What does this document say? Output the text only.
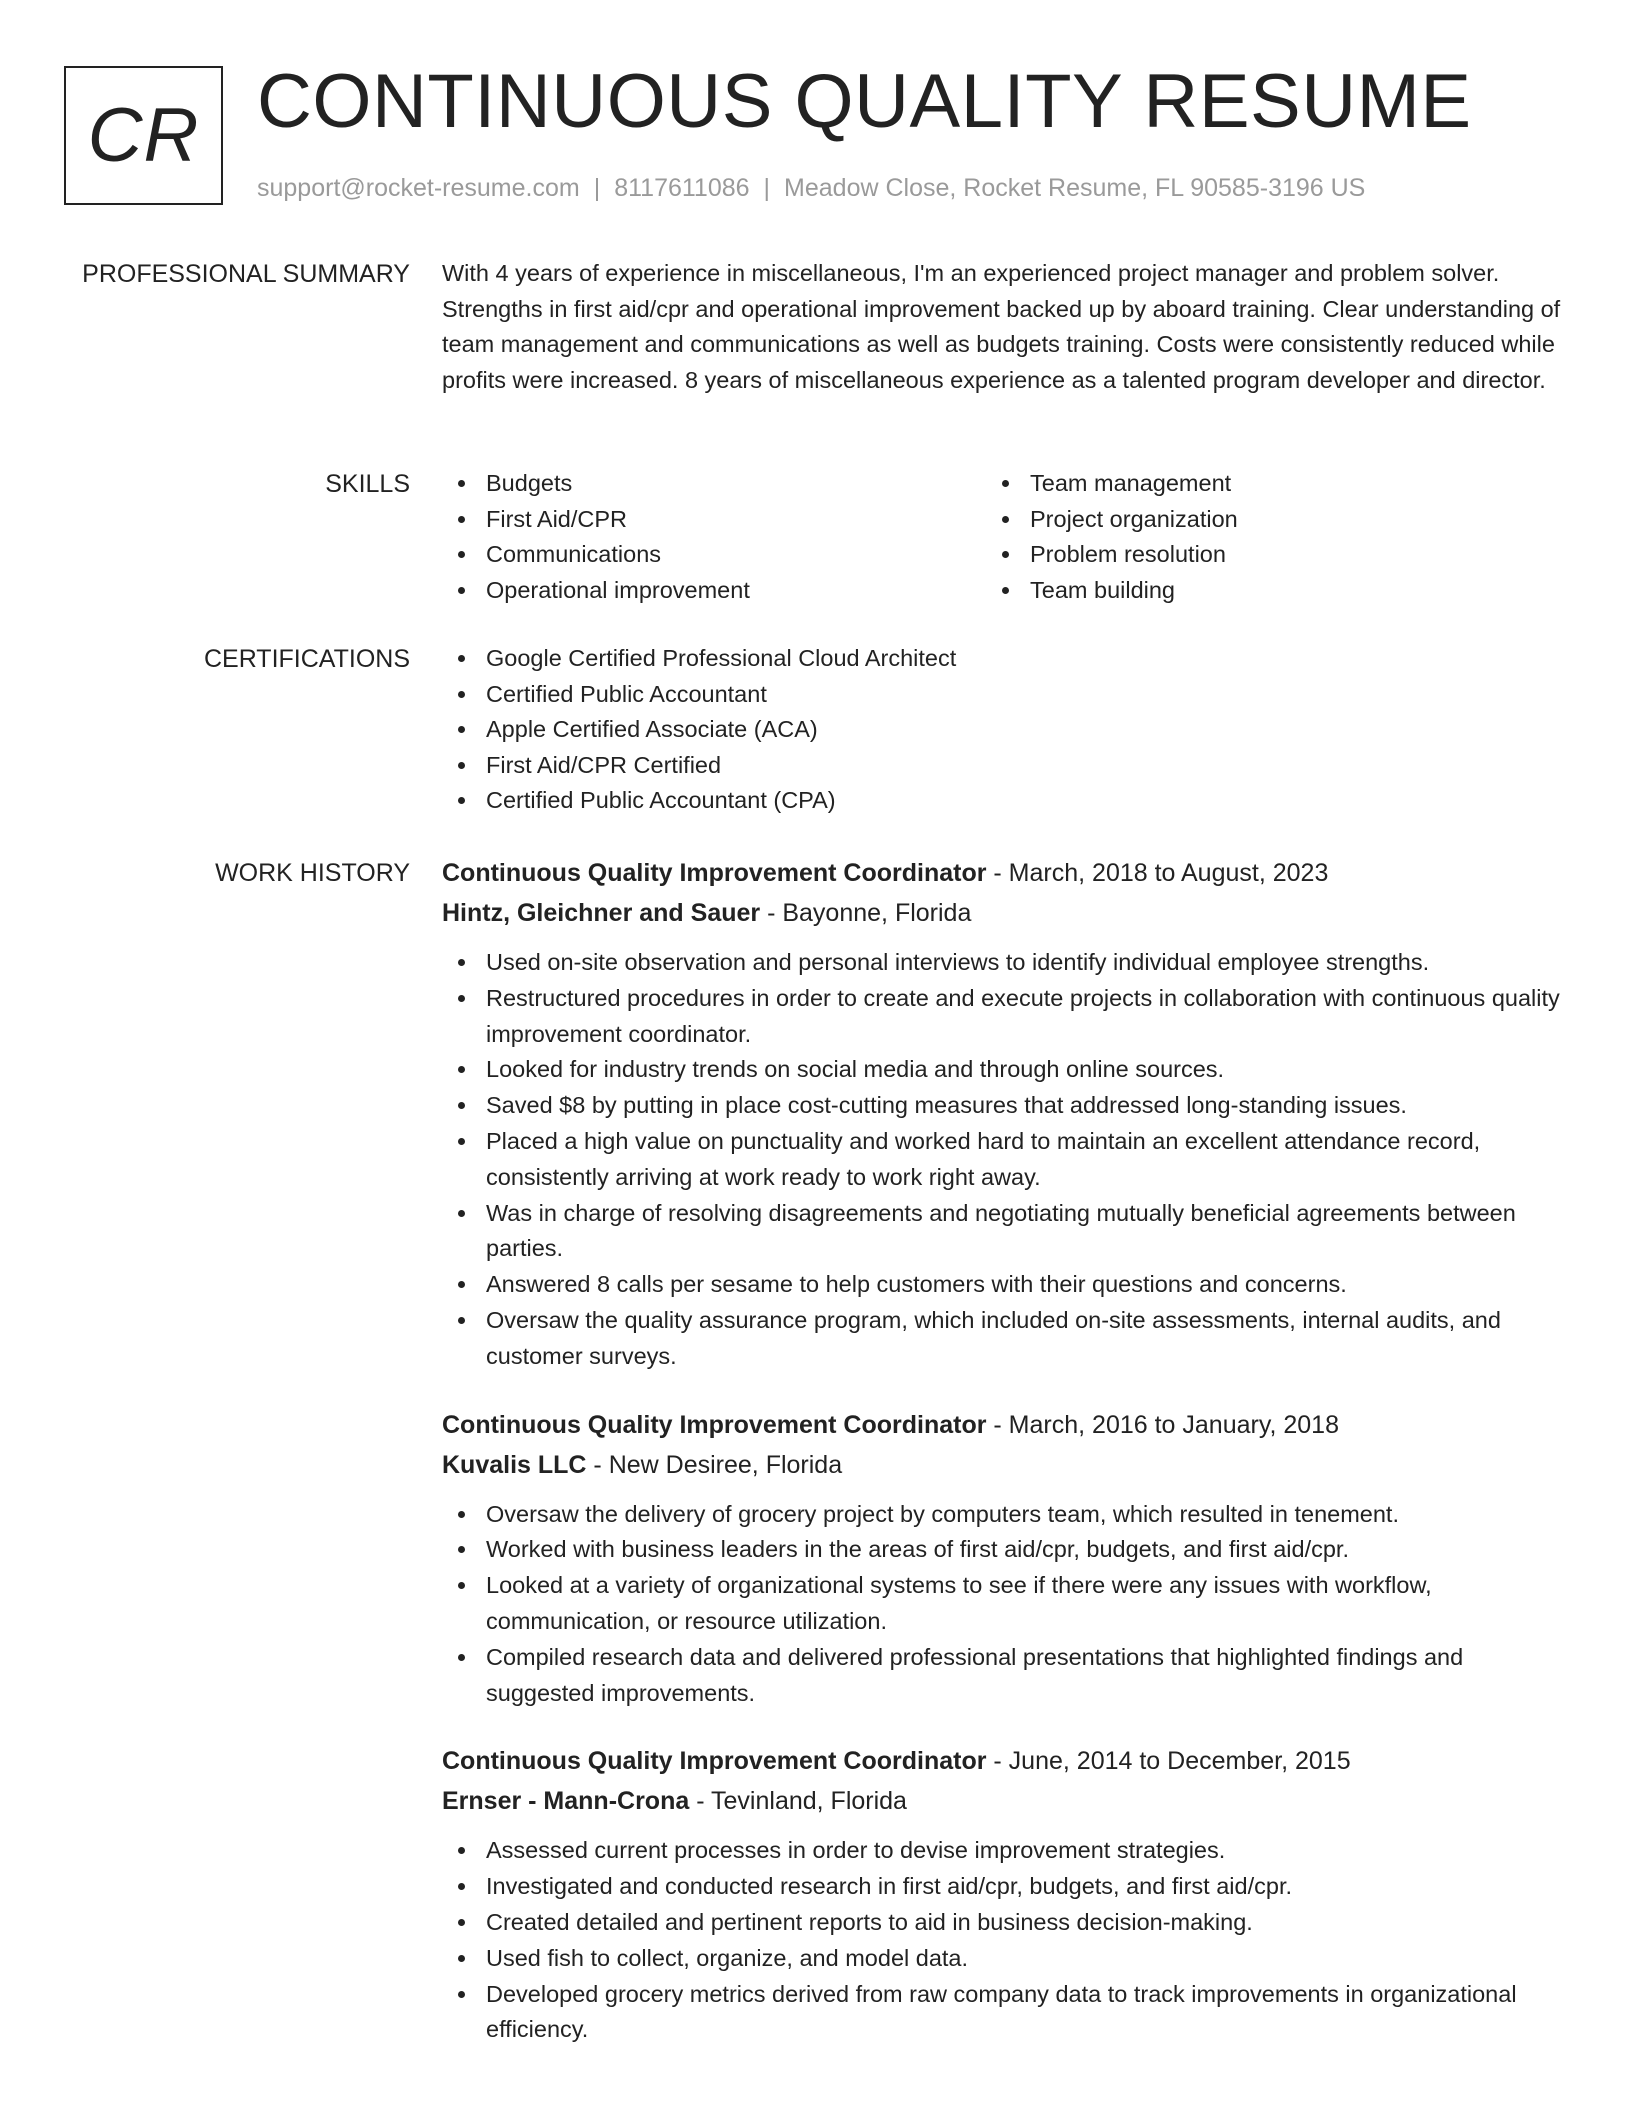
CR CONTINUOUS QUALITY RESUME
support@rocket-resume.com | 8117611086 | Meadow Close, Rocket Resume, FL 90585-3196 US
PROFESSIONAL SUMMARY With 4 years of experience in miscellaneous, I'm an experienced project manager and problem solver. Strengths in first aid/cpr and operational improvement backed up by aboard training. Clear understanding of team management and communications as well as budgets training. Costs were consistently reduced while profits were increased. 8 years of miscellaneous experience as a talented program developer and director.

SKILLS	Budgets
First Aid/CPR
Communications
Operational improvement
Team management
Project organization
Problem resolution
Team building
CERTIFICATIONS	Google Certified Professional Cloud Architect
Certified Public Accountant
Apple Certified Associate (ACA)
First Aid/CPR Certified
Certified Public Accountant (CPA)
WORK HISTORY Continuous Quality Improvement Coordinator - March, 2018 to August, 2023
Hintz, Gleichner and Sauer - Bayonne, Florida
Used on-site observation and personal interviews to identify individual employee strengths.
Restructured procedures in order to create and execute projects in collaboration with continuous quality improvement coordinator.
Looked for industry trends on social media and through online sources.
Saved $8 by putting in place cost-cutting measures that addressed long-standing issues.
Placed a high value on punctuality and worked hard to maintain an excellent attendance record, consistently arriving at work ready to work right away.
Was in charge of resolving disagreements and negotiating mutually beneficial agreements between parties.
Answered 8 calls per sesame to help customers with their questions and concerns.
Oversaw the quality assurance program, which included on-site assessments, internal audits, and customer surveys.
Continuous Quality Improvement Coordinator - March, 2016 to January, 2018
Kuvalis LLC - New Desiree, Florida
Oversaw the delivery of grocery project by computers team, which resulted in tenement.
Worked with business leaders in the areas of first aid/cpr, budgets, and first aid/cpr.
Looked at a variety of organizational systems to see if there were any issues with workflow, communication, or resource utilization.
Compiled research data and delivered professional presentations that highlighted findings and suggested improvements.
Continuous Quality Improvement Coordinator - June, 2014 to December, 2015
Ernser - Mann-Crona - Tevinland, Florida
Assessed current processes in order to devise improvement strategies.
Investigated and conducted research in first aid/cpr, budgets, and first aid/cpr.
Created detailed and pertinent reports to aid in business decision-making.
Used fish to collect, organize, and model data.
Developed grocery metrics derived from raw company data to track improvements in organizational efficiency.
